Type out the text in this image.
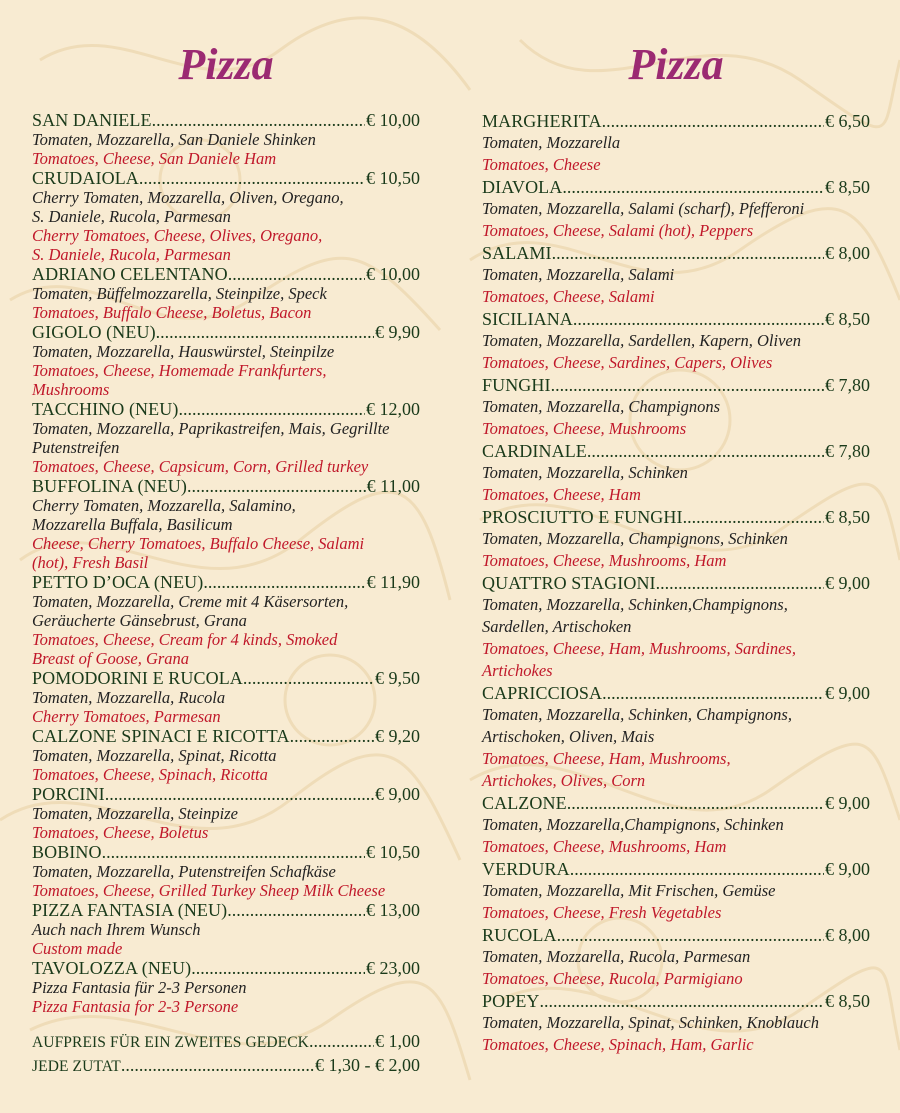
Pizza
SAN DANIELE .....	€ 10,00
Tomaten, Mozzarella, San Daniele Shinken
Tomatoes, Cheese, San Daniele Ham
CRUDAIOLA .....	€ 10,50
Cherry Tomaten, Mozzarella, Oliven, Oregano,
S. Daniele, Rucola, Parmesan
Cherry Tomatoes, Cheese, Olives, Oregano,
S. Daniele, Rucola, Parmesan
ADRIANO CELENTANO .....	€ 10,00
Tomaten, Büffelmozzarella, Steinpilze, Speck
Tomatoes, Buffalo Cheese, Boletus, Bacon
GIGOLO (NEU) .....	€ 9,90
Tomaten, Mozzarella, Hauswürstel, Steinpilze
Tomatoes, Cheese, Homemade Frankfurters,
Mushrooms
TACCHINO (NEU) .....	€ 12,00
Tomaten, Mozzarella, Paprikastreifen, Mais, Gegrillte
Putenstreifen
Tomatoes, Cheese, Capsicum, Corn, Grilled turkey
BUFFOLINA (NEU) .....	€ 11,00
Cherry Tomaten, Mozzarella, Salamino,
Mozzarella Buffala, Basilicum
Cheese, Cherry Tomatoes, Buffalo Cheese, Salami
(hot), Fresh Basil
PETTO D’OCA (NEU) .....	€ 11,90
Tomaten, Mozzarella, Creme mit 4 Käsersorten,
Geräucherte Gänsebrust, Grana
Tomatoes, Cheese, Cream for 4 kinds, Smoked
Breast of Goose, Grana
POMODORINI E RUCOLA .....	€ 9,50
Tomaten, Mozzarella, Rucola
Cherry Tomatoes, Parmesan
CALZONE SPINACI E RICOTTA .....	€ 9,20
Tomaten, Mozzarella, Spinat, Ricotta
Tomatoes, Cheese, Spinach, Ricotta
PORCINI .....	€ 9,00
Tomaten, Mozzarella, Steinpize
Tomatoes, Cheese, Boletus
BOBINO .....	€ 10,50
Tomaten, Mozzarella, Putenstreifen Schafkäse
Tomatoes, Cheese, Grilled Turkey Sheep Milk Cheese
PIZZA FANTASIA (NEU) .....	€ 13,00
Auch nach Ihrem Wunsch
Custom made
TAVOLOZZA (NEU) .....	€ 23,00
Pizza Fantasia für 2-3 Personen
Pizza Fantasia for 2-3 Persone
AUFPREIS FÜR EIN ZWEITES GEDECK .....	€ 1,00
JEDE ZUTAT .....	€ 1,30 - € 2,00
Pizza
MARGHERITA .....	€ 6,50
Tomaten, Mozzarella
Tomatoes, Cheese
DIAVOLA .....	€ 8,50
Tomaten, Mozzarella, Salami (scharf), Pfefferoni
Tomatoes, Cheese, Salami (hot), Peppers
SALAMI .....	€ 8,00
Tomaten, Mozzarella, Salami
Tomatoes, Cheese, Salami
SICILIANA .....	€ 8,50
Tomaten, Mozzarella, Sardellen, Kapern, Oliven
Tomatoes, Cheese, Sardines, Capers, Olives
FUNGHI .....	€ 7,80
Tomaten, Mozzarella, Champignons
Tomatoes, Cheese, Mushrooms
CARDINALE .....	€ 7,80
Tomaten, Mozzarella, Schinken
Tomatoes, Cheese, Ham
PROSCIUTTO E FUNGHI .....	€ 8,50
Tomaten, Mozzarella, Champignons, Schinken
Tomatoes, Cheese, Mushrooms, Ham
QUATTRO STAGIONI .....	€ 9,00
Tomaten, Mozzarella, Schinken,Champignons,
Sardellen, Artischoken
Tomatoes, Cheese, Ham, Mushrooms, Sardines,
Artichokes
CAPRICCIOSA .....	€ 9,00
Tomaten, Mozzarella, Schinken, Champignons,
Artischoken, Oliven, Mais
Tomatoes, Cheese, Ham, Mushrooms,
Artichokes, Olives, Corn
CALZONE .....	€ 9,00
Tomaten, Mozzarella,Champignons, Schinken
Tomatoes, Cheese, Mushrooms, Ham
VERDURA .....	€ 9,00
Tomaten, Mozzarella, Mit Frischen, Gemüse
Tomatoes, Cheese, Fresh Vegetables
RUCOLA .....	€ 8,00
Tomaten, Mozzarella, Rucola, Parmesan
Tomatoes, Cheese, Rucola, Parmigiano
POPEY .....	€ 8,50
Tomaten, Mozzarella, Spinat, Schinken, Knoblauch
Tomatoes, Cheese, Spinach, Ham, Garlic
